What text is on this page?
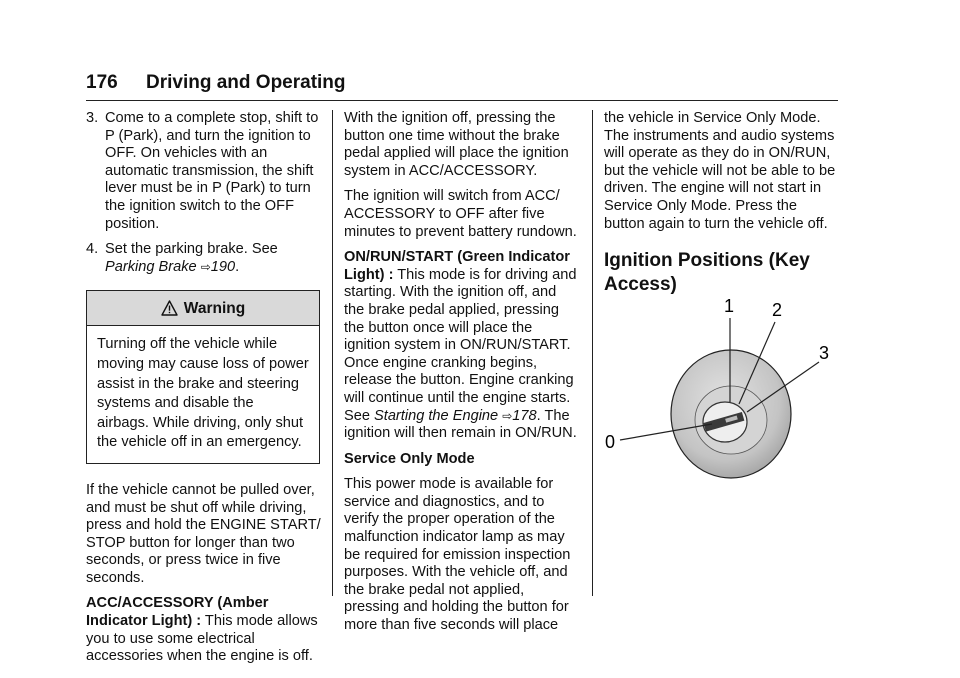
176 Driving and Operating
3. Come to a complete stop, shift to P (Park), and turn the ignition to OFF. On vehicles with an automatic transmission, the shift lever must be in P (Park) to turn the ignition switch to the OFF position.
4. Set the parking brake. See Parking Brake ⇨190.
Warning
Turning off the vehicle while moving may cause loss of power assist in the brake and steering systems and disable the airbags. While driving, only shut the vehicle off in an emergency.

If the vehicle cannot be pulled over, and must be shut off while driving, press and hold the ENGINE START/ STOP button for longer than two seconds, or press twice in five seconds.

ACC/ACCESSORY (Amber Indicator Light) : This mode allows you to use some electrical accessories when the engine is off.

With the ignition off, pressing the button one time without the brake pedal applied will place the ignition system in ACC/ACCESSORY.

The ignition will switch from ACC/ ACCESSORY to OFF after five minutes to prevent battery rundown.

ON/RUN/START (Green Indicator Light) : This mode is for driving and starting. With the ignition off, and the brake pedal applied, pressing the button once will place the ignition system in ON/RUN/START. Once engine cranking begins, release the button. Engine cranking will continue until the engine starts. See Starting the Engine ⇨178. The ignition will then remain in ON/RUN.

Service Only Mode

This power mode is available for service and diagnostics, and to verify the proper operation of the malfunction indicator lamp as may be required for emission inspection purposes. With the vehicle off, and the brake pedal not applied, pressing and holding the button for more than five seconds will place

the vehicle in Service Only Mode. The instruments and audio systems will operate as they do in ON/RUN, but the vehicle will not be able to be driven. The engine will not start in Service Only Mode. Press the button again to turn the vehicle off.

Ignition Positions (Key Access)
0
1 2
3
